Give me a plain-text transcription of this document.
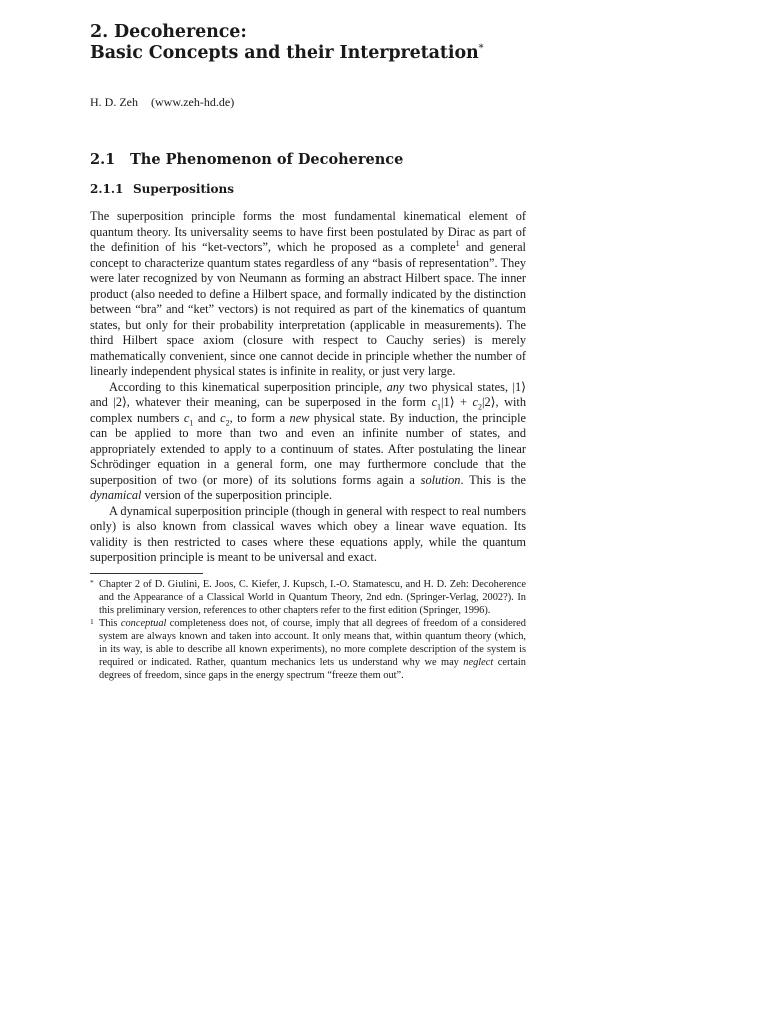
2. Decoherence:
Basic Concepts and their Interpretation*
H. D. Zeh (www.zeh-hd.de)
2.1 The Phenomenon of Decoherence
2.1.1 Superpositions

The superposition principle forms the most fundamental kinematical element of quantum theory. Its universality seems to have first been postulated by Dirac as part of the definition of his “ket-vectors”, which he proposed as a complete$^1$ and general concept to characterize quantum states regardless of any “basis of representation”. They were later recognized by von Neumann as forming an abstract Hilbert space. The inner product (also needed to define a Hilbert space, and formally indicated by the distinction between “bra” and “ket” vectors) is not required as part of the kinematics of quantum states, but only for their probability interpretation (applicable in measurements). The third Hilbert space axiom (closure with respect to Cauchy series) is merely mathematically convenient, since one cannot decide in principle whether the number of linearly independent physical states is infinite in reality, or just very large.

According to this kinematical superposition principle, any two physical states, |1⟩ and |2⟩, whatever their meaning, can be superposed in the form $c_1|1⟩$ + $c_2|2⟩$, with complex numbers $c_1$ and $c_2$, to form a new physical state. By induction, the principle can be applied to more than two and even an infinite number of states, and appropriately extended to apply to a continuum of states. After postulating the linear Schrödinger equation in a general form, one may furthermore conclude that the superposition of two (or more) of its solutions forms again a solution. This is the dynamical version of the superposition principle.

A dynamical superposition principle (though in general with respect to real numbers only) is also known from classical waves which obey a linear wave equation. Its validity is then restricted to cases where these equations apply, while the quantum superposition principle is meant to be universal and exact.

* Chapter 2 of D. Giulini, E. Joos, C. Kiefer, J. Kupsch, I.-O. Stamatescu, and H. D. Zeh: Decoherence and the Appearance of a Classical World in Quantum Theory, 2nd edn. (Springer-Verlag, 2002?). In this preliminary version, references to other chapters refer to the first edition (Springer, 1996).

1 This conceptual completeness does not, of course, imply that all degrees of freedom of a considered system are always known and taken into account. It only means that, within quantum theory (which, in its way, is able to describe all known experiments), no more complete description of the system is required or indicated. Rather, quantum mechanics lets us understand why we may neglect certain degrees of freedom, since gaps in the energy spectrum “freeze them out”.
